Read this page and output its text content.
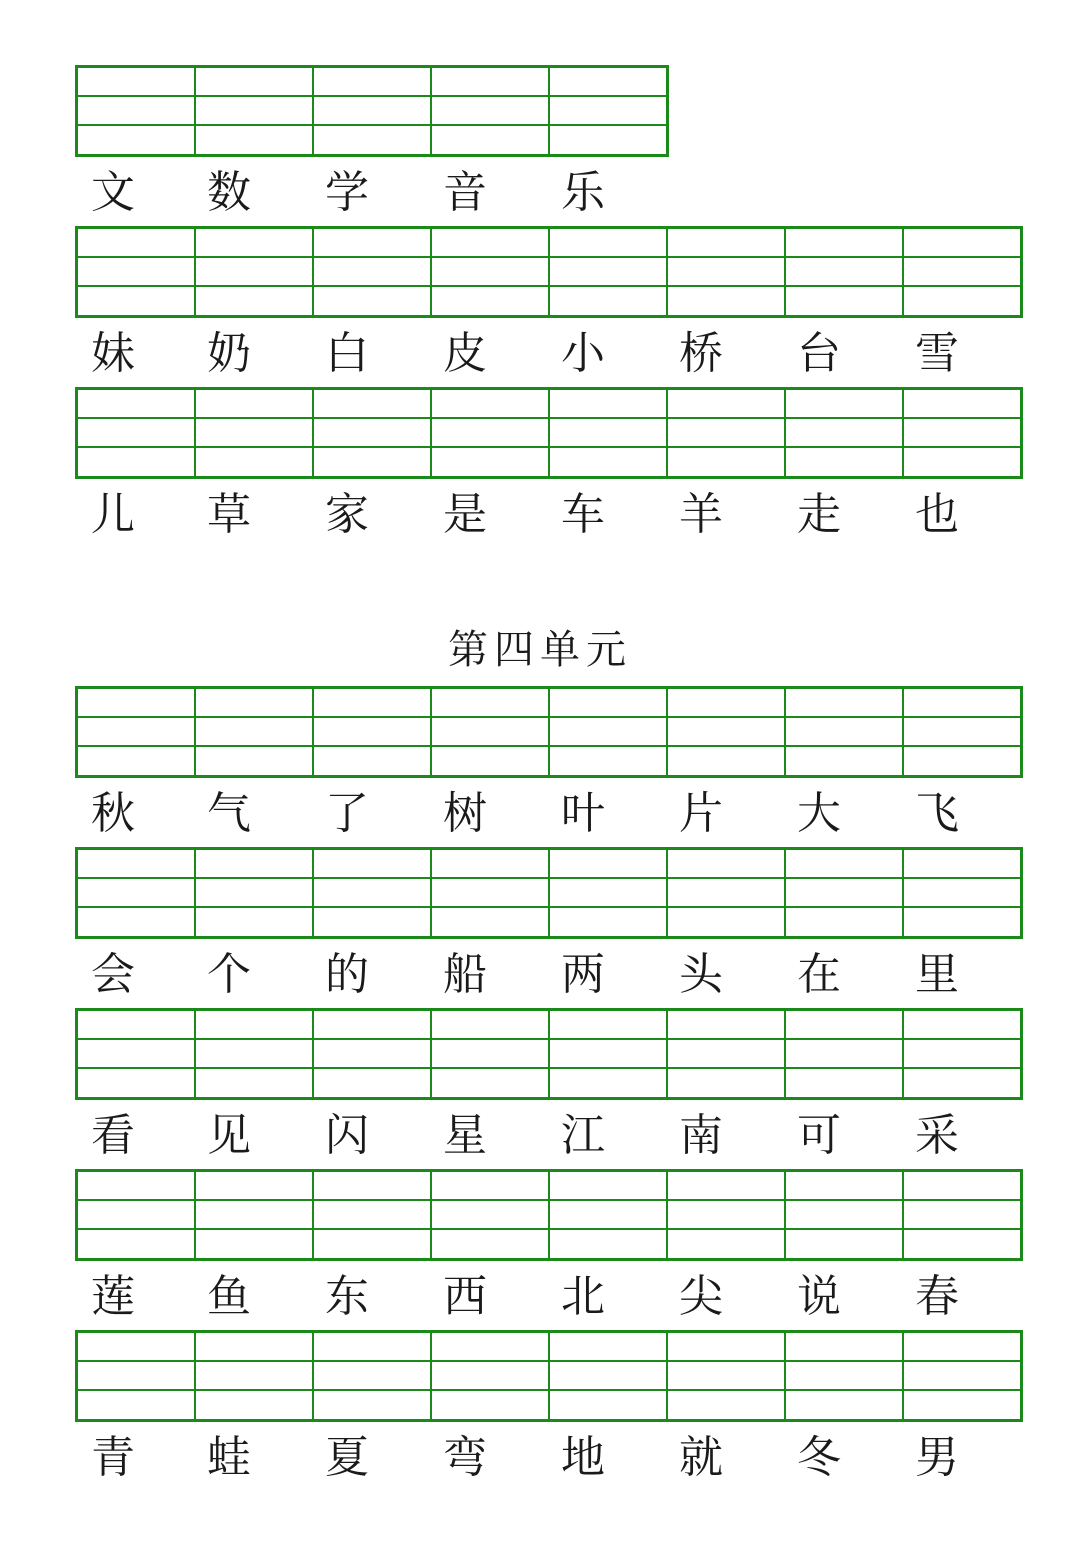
第四单元
文	数	学	音	乐
妹	奶	白	皮	小	桥	台	雪
儿	草	家	是	车	羊	走	也
秋	气	了	树	叶	片	大	飞
会	个	的	船	两	头	在	里
看	见	闪	星	江	南	可	采
莲	鱼	东	西	北	尖	说	春
青	蛙	夏	弯	地	就	冬	男
